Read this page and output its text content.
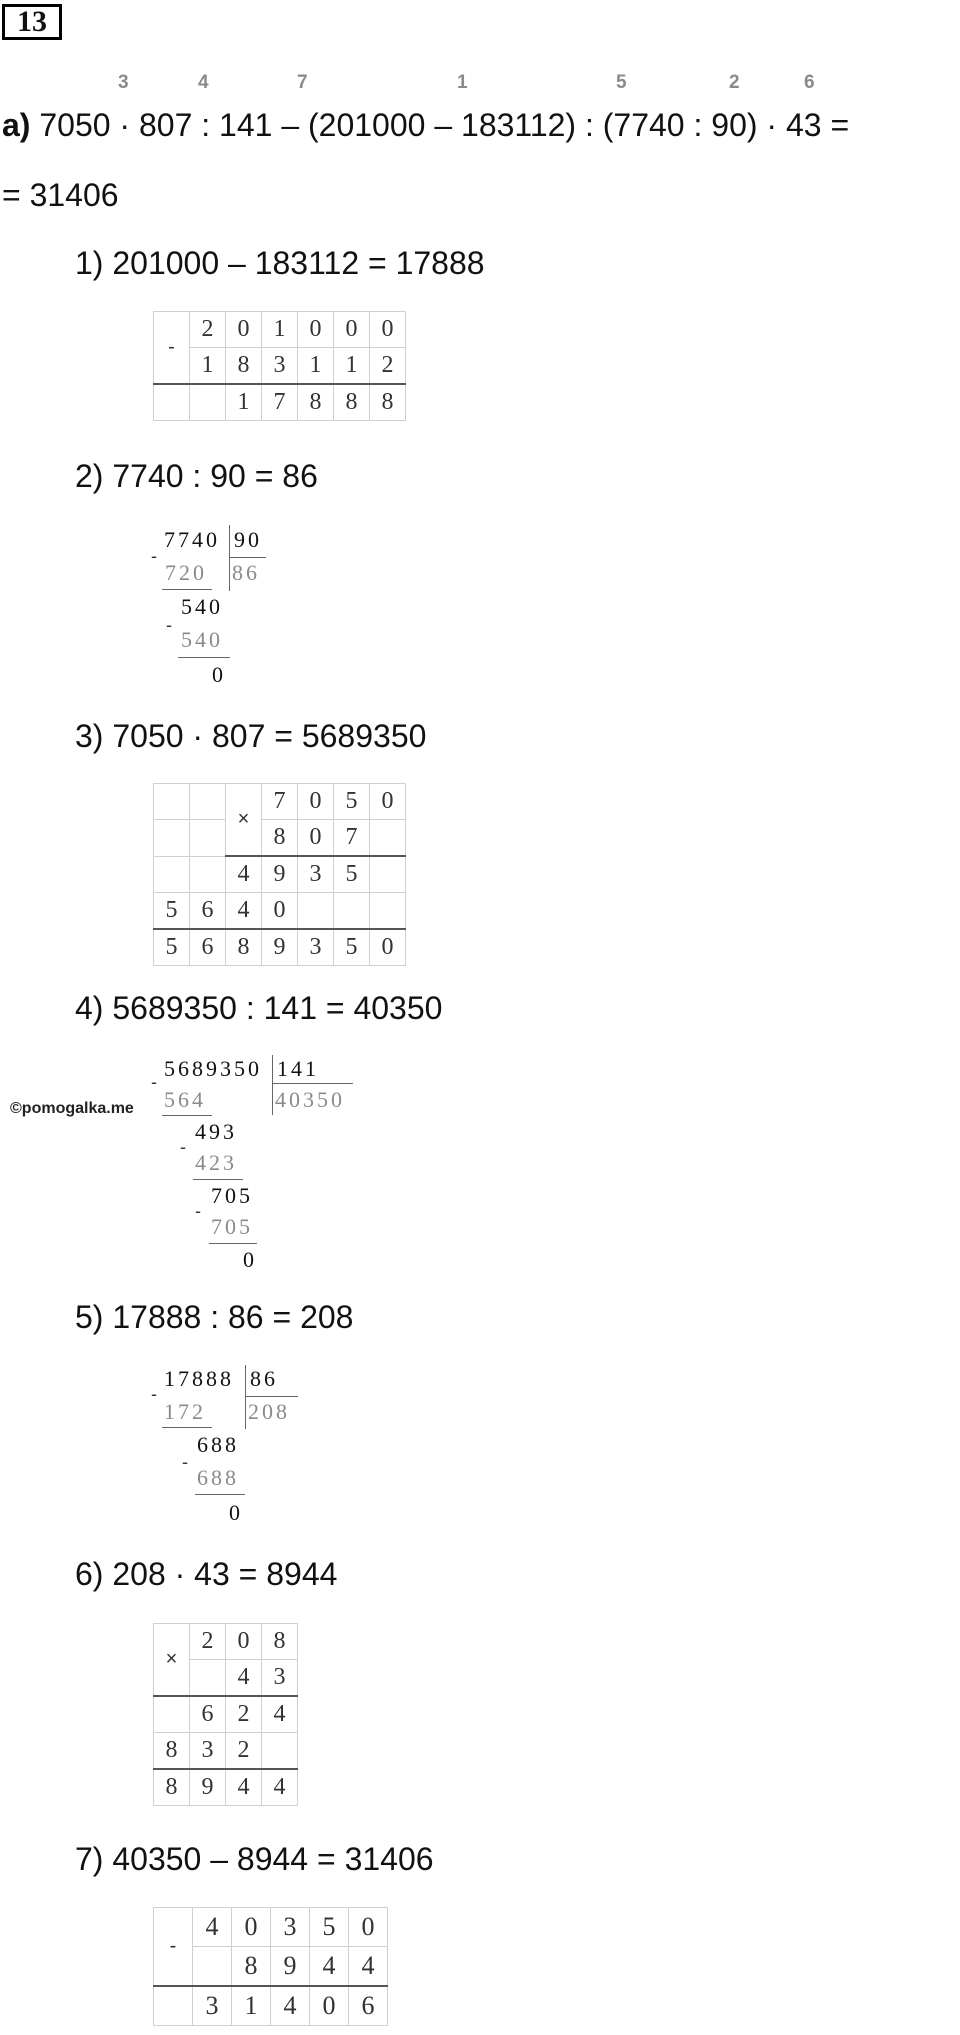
13
3	4	7	1	5	2	6
а) 7050 · 807 : 141 – (201000 – 183112) : (7740 : 90) · 43 =
= 31406
©pomogalka.me
1) 201000 – 183112 = 17888
-	2	0	1	0	0	0
	1	8	3	1	1	2
		1	7	8	8	8
2) 7740 : 90 = 86
-
7740 90
720 86
540
-
540
0
3) 7050 · 807 = 5689350
		×	7	0	5	0
			8	0	7	
		4	9	3	5	
5	6	4	0			
5	6	8	9	3	5	0
4) 5689350 : 141 = 40350
-
5689350 141
564	40350
493
-
423
705
-
705
0
5) 17888 : 86 = 208
-
17888 86
172 208
688
-
688
0
6) 208 · 43 = 8944
×	2	0	8
		4	3
	6	2	4
8	3	2	
8	9	4	4
7) 40350 – 8944 = 31406
-	4	0	3	5	0
		8	9	4	4
	3	1	4	0	6
